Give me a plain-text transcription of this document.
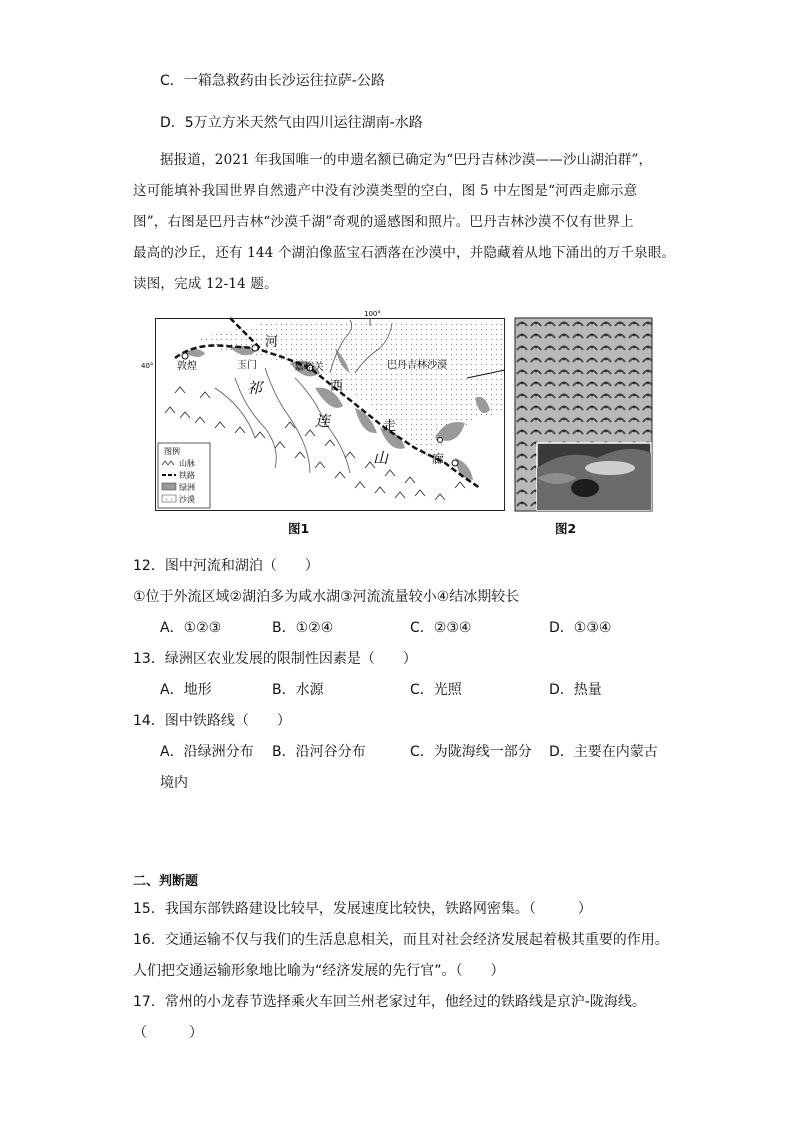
C．一箱急救药由长沙运往拉萨-公路
D．5万立方米天然气由四川运往湖南-水路
据报道，2021 年我国唯一的申遗名额已确定为“巴丹吉林沙漠——沙山湖泊群”，
这可能填补我国世界自然遗产中没有沙漠类型的空白，图 5 中左图是“河西走廊示意
图”，右图是巴丹吉林“沙漠千湖”奇观的遥感图和照片。巴丹吉林沙漠不仅有世界上
最高的沙丘，还有 144 个湖泊像蓝宝石洒落在沙漠中，并隐藏着从地下涌出的万千泉眼。
读图，完成 12-14 题。
100°
40° 敦煌	玉门	嘉峪关	巴丹吉林沙漠
河
西
走
廊
祁
连
山
图例
山脉
铁路
绿洲
沙漠
图1	图2
12．图中河流和湖泊（　　）
①位于外流区域②湖泊多为咸水湖③河流流量较小④结冰期较长
A．①②③	B．①②④	C．②③④	D．①③④
13．绿洲区农业发展的限制性因素是（　　）
A．地形	B．水源	C．光照	D．热量
14．图中铁路线（　　）
A．沿绿洲分布 B．沿河谷分布	C．为陇海线一部分 D．主要在内蒙古
境内
二、判断题
15．我国东部铁路建设比较早，发展速度比较快，铁路网密集。（　　　）
16．交通运输不仅与我们的生活息息相关，而且对社会经济发展起着极其重要的作用。
人们把交通运输形象地比喻为“经济发展的先行官”。（　　）
17．常州的小龙春节选择乘火车回兰州老家过年，他经过的铁路线是京沪-陇海线。
（　　　）
